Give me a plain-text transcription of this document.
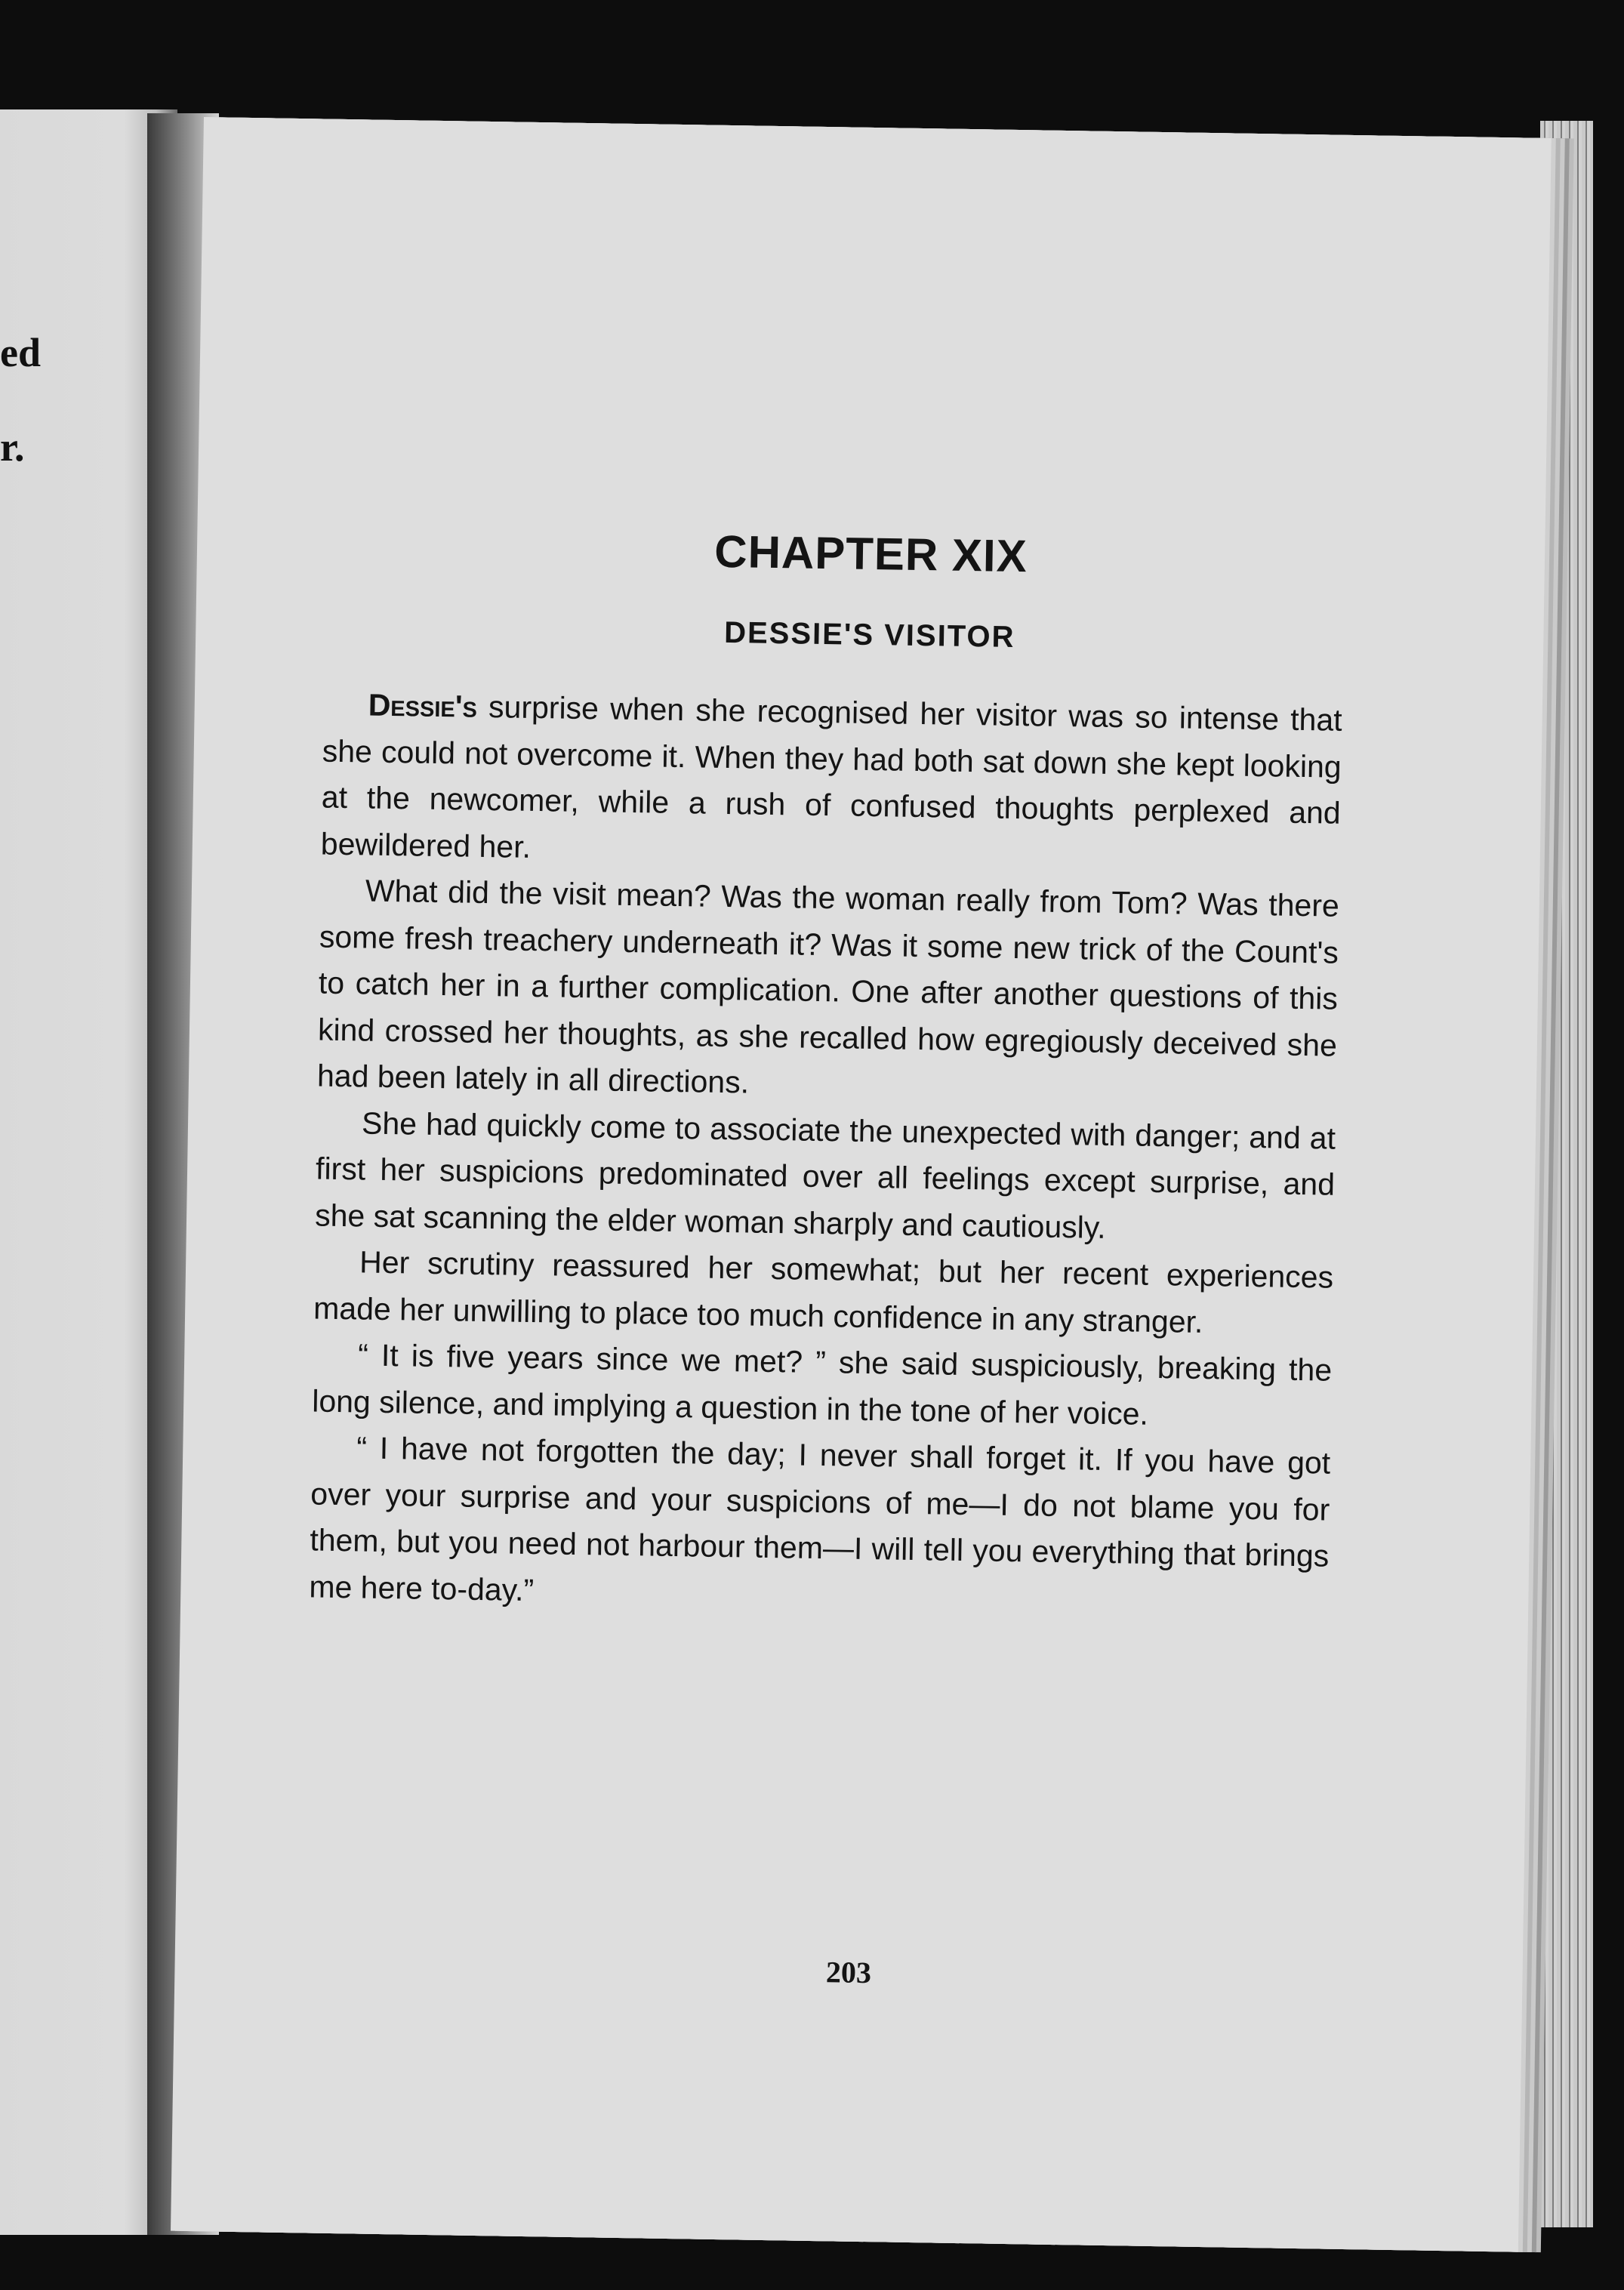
ed
r.
CHAPTER XIX
DESSIE'S VISITOR

Dessie's surprise when she recognised her visitor was so intense that she could not overcome it. When they had both sat down she kept looking at the newcomer, while a rush of confused thoughts perplexed and bewildered her.

What did the visit mean? Was the woman really from Tom? Was there some fresh treachery underneath it? Was it some new trick of the Count's to catch her in a further complication. One after another questions of this kind crossed her thoughts, as she recalled how egregiously deceived she had been lately in all directions.

She had quickly come to associate the unexpected with danger; and at first her suspicions predominated over all feelings except surprise, and she sat scanning the elder woman sharply and cautiously.

Her scrutiny reassured her somewhat; but her recent experiences made her unwilling to place too much confidence in any stranger.

“ It is five years since we met? ” she said suspiciously, breaking the long silence, and implying a question in the tone of her voice.

“ I have not forgotten the day; I never shall forget it. If you have got over your surprise and your suspicions of me—I do not blame you for them, but you need not harbour them—I will tell you everything that brings me here to-day.”

203
